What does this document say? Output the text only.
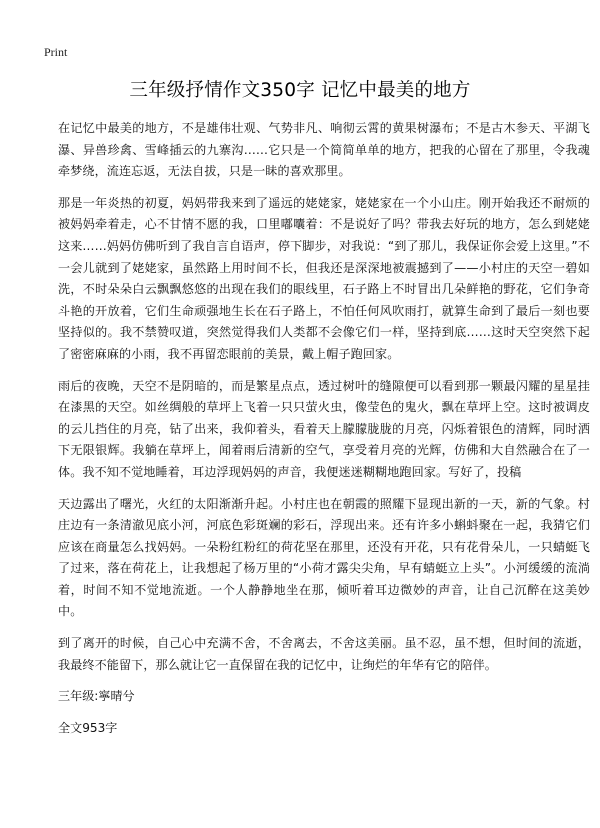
Print
三年级抒情作文350字 记忆中最美的地方

在记忆中最美的地方，不是雄伟壮观、气势非凡、响彻云霄的黄果树瀑布；不是古木参天、平湖飞瀑、异兽珍禽、雪峰插云的九寨沟……它只是一个简简单单的地方，把我的心留在了那里，令我魂牵梦绕，流连忘返，无法自拔，只是一眛的喜欢那里。

那是一年炎热的初夏，妈妈带我来到了遥远的姥姥家，姥姥家在一个小山庄。刚开始我还不耐烦的被妈妈牵着走，心不甘情不愿的我，口里嘟囔着：不是说好了吗？带我去好玩的地方，怎么到姥姥这来……妈妈仿佛听到了我自言自语声，停下脚步，对我说：“到了那儿，我保证你会爱上这里。”不一会儿就到了姥姥家，虽然路上用时间不长，但我还是深深地被震撼到了——小村庄的天空一碧如洗，不时朵朵白云飘飘悠悠的出现在我们的眼线里，石子路上不时冒出几朵鲜艳的野花，它们争奇斗艳的开放着，它们生命顽强地生长在石子路上，不怕任何风吹雨打，就算生命到了最后一刻也要坚持似的。我不禁赞叹道，突然觉得我们人类都不会像它们一样，坚持到底……这时天空突然下起了密密麻麻的小雨，我不再留恋眼前的美景，戴上帽子跑回家。

雨后的夜晚，天空不是阴暗的，而是繁星点点，透过树叶的缝隙便可以看到那一颗最闪耀的星星挂在漆黑的天空。如丝绸般的草坪上飞着一只只萤火虫，像莹色的鬼火，飘在草坪上空。这时被调皮的云儿挡住的月亮，钻了出来，我仰着头，看着天上朦朦胧胧的月亮，闪烁着银色的清辉，同时洒下无限银辉。我躺在草坪上，闻着雨后清新的空气，享受着月亮的光辉，仿佛和大自然融合在了一体。我不知不觉地睡着，耳边浮现妈妈的声音，我便迷迷糊糊地跑回家。写好了，投稿

天边露出了曙光，火红的太阳渐渐升起。小村庄也在朝霞的照耀下显现出新的一天，新的气象。村庄边有一条清澈见底小河，河底色彩斑斓的彩石，浮现出来。还有许多小蝌蚪聚在一起，我猜它们应该在商量怎么找妈妈。一朵粉红粉红的荷花坚在那里，还没有开花，只有花骨朵儿，一只蜻蜓飞了过来，落在荷花上，让我想起了杨万里的“小荷才露尖尖角，早有蜻蜓立上头”。小河缓缓的流淌着，时间不知不觉地流逝。一个人静静地坐在那，倾听着耳边微妙的声音，让自己沉醉在这美妙中。

到了离开的时候，自己心中充满不舍，不舍离去，不舍这美丽。虽不忍，虽不想，但时间的流逝，我最终不能留下，那么就让它一直保留在我的记忆中，让绚烂的年华有它的陪伴。

三年级:寧晴兮
全文953字
